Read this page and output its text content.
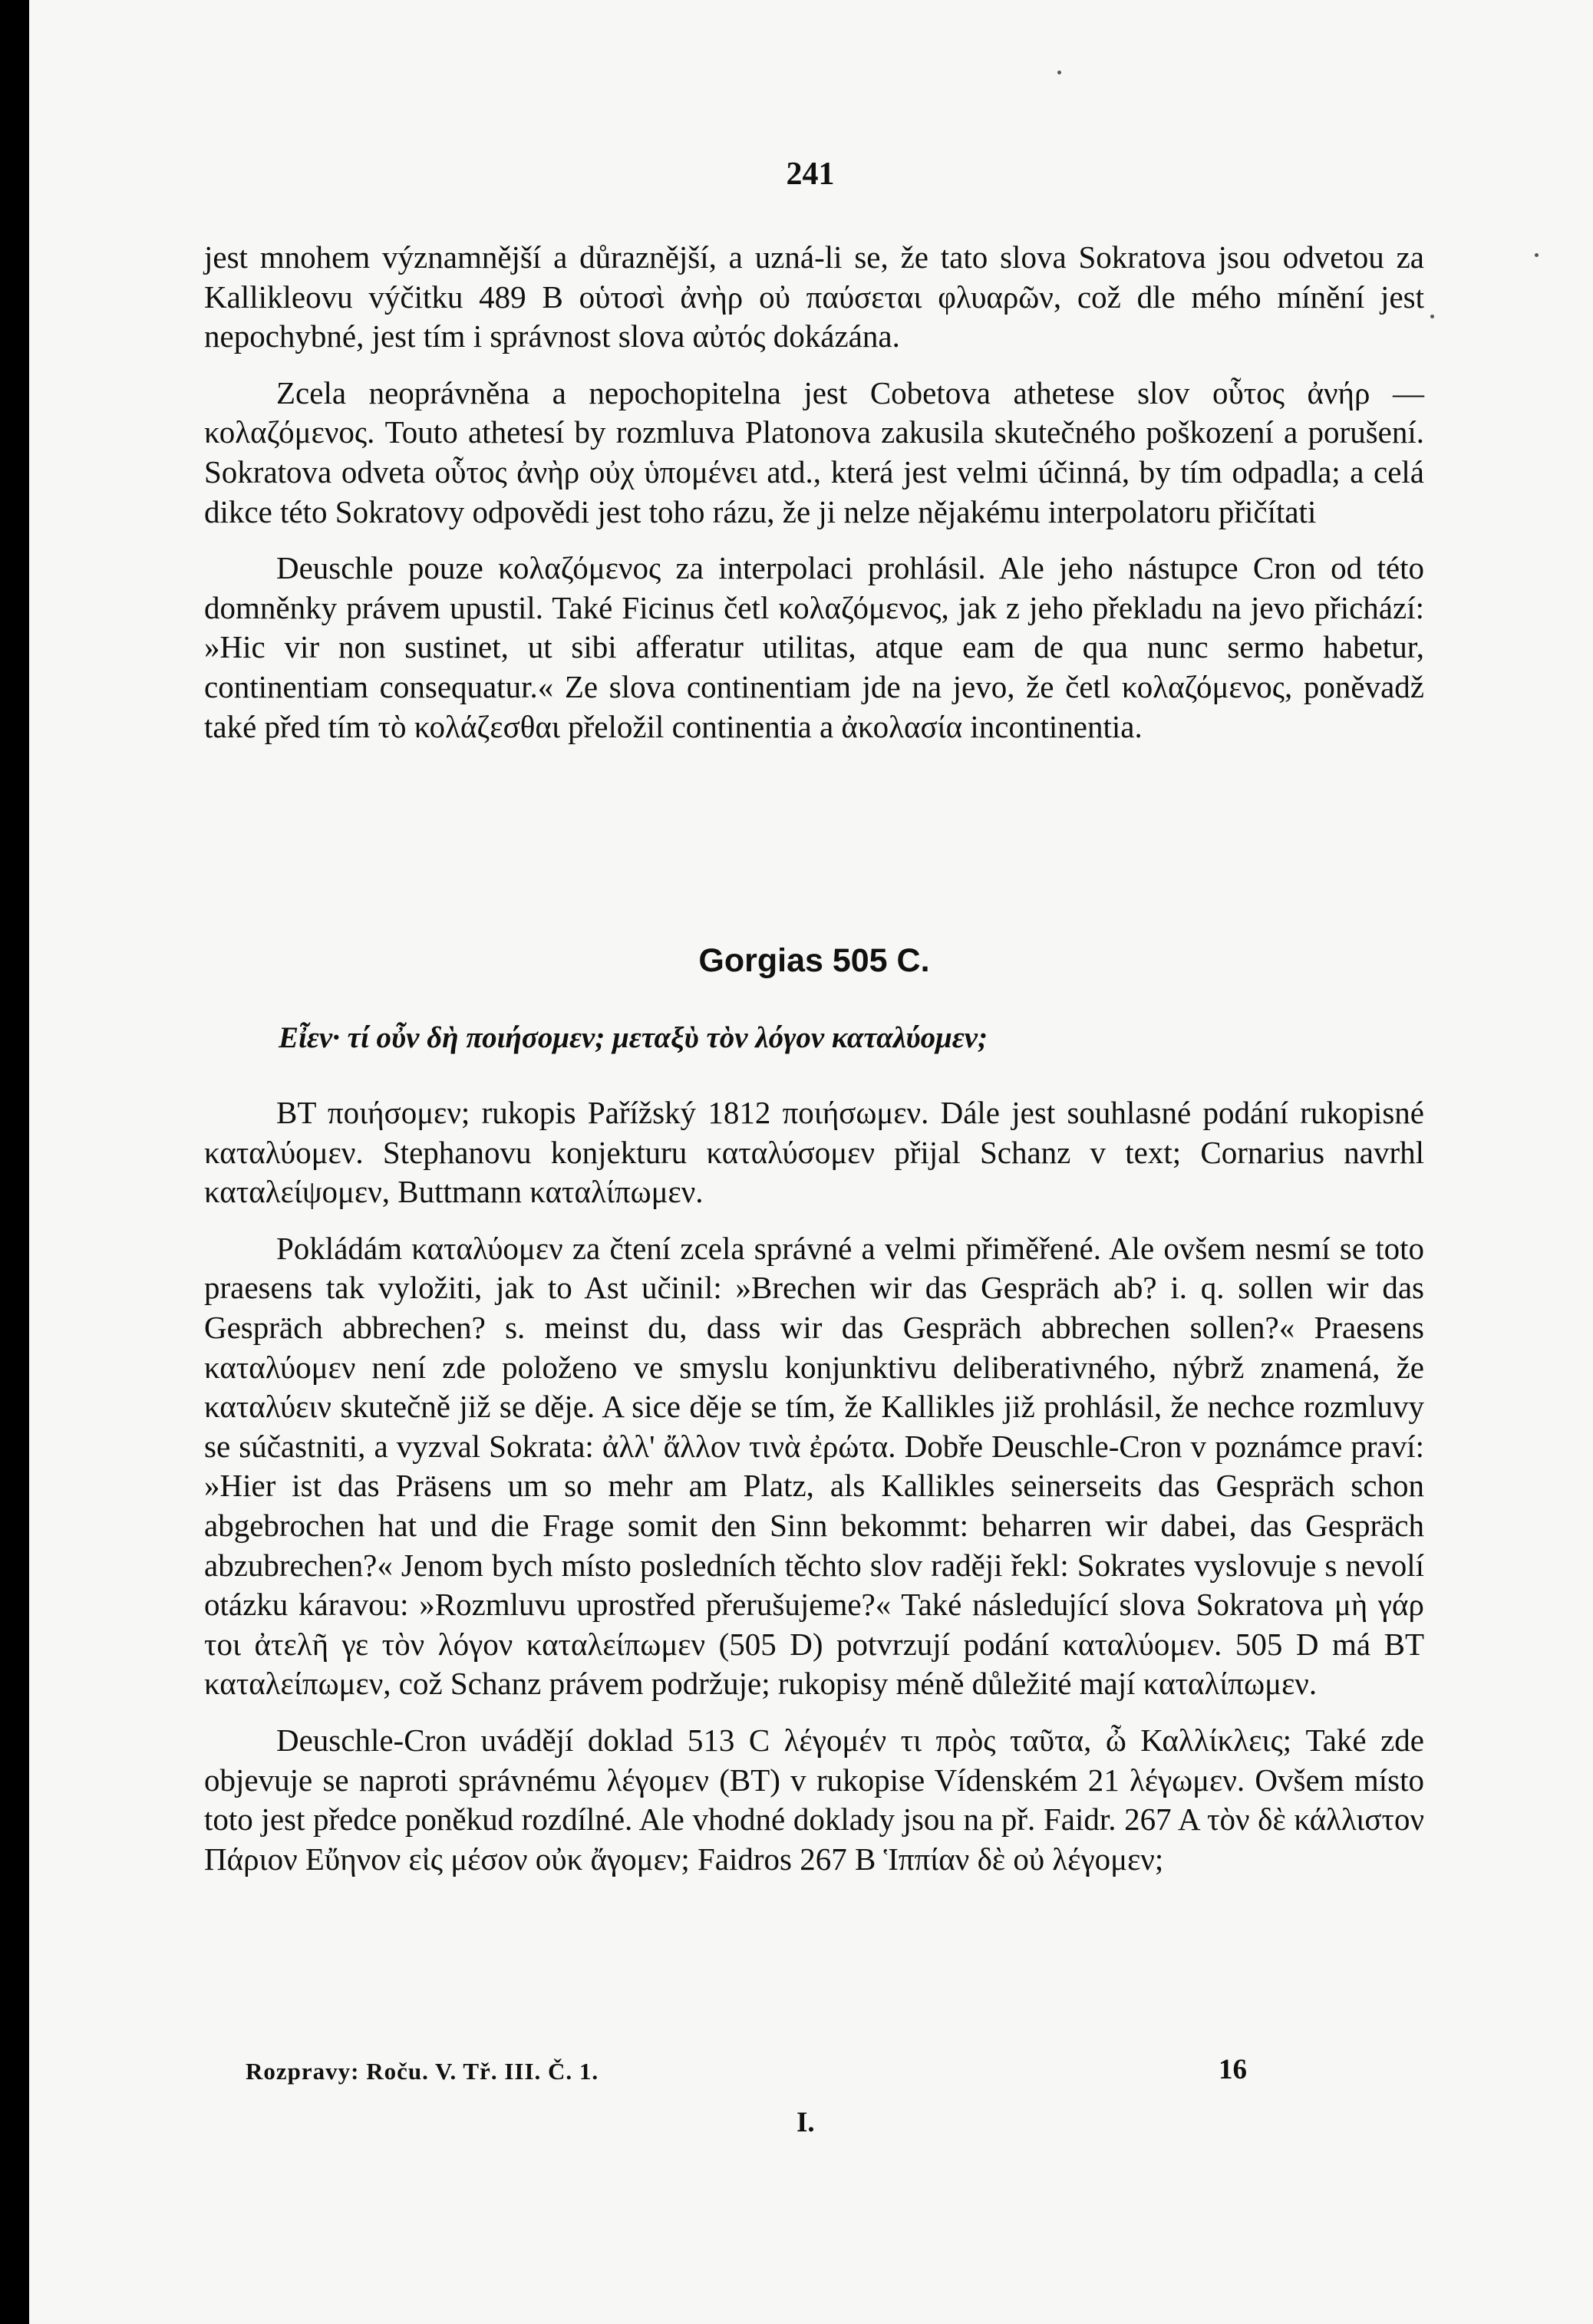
241

jest mnohem významnější a důraznější, a uzná-li se, že tato slova Sokratova jsou odvetou za Kallikleovu výčitku 489 B οὑτοσὶ ἀνὴρ οὐ παύσεται φλυαρῶν, což dle mého mínění jest nepochybné, jest tím i správnost slova αὐτός dokázána.

Zcela neoprávněna a nepochopitelna jest Cobetova athetese slov οὗτος ἀνήρ — κολαζόμενος. Touto athetesí by rozmluva Platonova zakusila skutečného poškození a porušení. Sokratova odveta οὗτος ἀνὴρ οὐχ ὑπομένει atd., která jest velmi účinná, by tím odpadla; a celá dikce této Sokratovy odpovědi jest toho rázu, že ji nelze nějakému interpolatoru přičítati

Deuschle pouze κολαζόμενος za interpolaci prohlásil. Ale jeho nástupce Cron od této domněnky právem upustil. Také Ficinus četl κολαζόμενος, jak z jeho překladu na jevo přichází: »Hic vir non sustinet, ut sibi afferatur utilitas, atque eam de qua nunc sermo habetur, continentiam consequatur.« Ze slova continentiam jde na jevo, že četl κολαζόμενος, poněvadž také před tím τὸ κολάζεσθαι přeložil continentia a ἀκολασία incontinentia.

Gorgias 505 C.
Εἶεν· τί οὖν δὴ ποιήσομεν; μεταξὺ τὸν λόγον καταλύομεν;

BT ποιήσομεν; rukopis Pařížský 1812 ποιήσωμεν. Dále jest souhlasné podání rukopisné καταλύομεν. Stephanovu konjekturu καταλύσομεν přijal Schanz v text; Cornarius navrhl καταλείψομεν, Buttmann καταλίπωμεν.

Pokládám καταλύομεν za čtení zcela správné a velmi přiměřené. Ale ovšem nesmí se toto praesens tak vyložiti, jak to Ast učinil: »Brechen wir das Gespräch ab? i. q. sollen wir das Gespräch abbrechen? s. meinst du, dass wir das Gespräch abbrechen sollen?« Praesens καταλύομεν není zde položeno ve smyslu konjunktivu deliberativného, nýbrž znamená, že καταλύειν skutečně již se děje. A sice děje se tím, že Kallikles již prohlásil, že nechce rozmluvy se súčastniti, a vyzval Sokrata: ἀλλ' ἄλλον τινὰ ἐρώτα. Dobře Deuschle-Cron v poznámce praví: »Hier ist das Präsens um so mehr am Platz, als Kallikles seinerseits das Gespräch schon abgebrochen hat und die Frage somit den Sinn bekommt: beharren wir dabei, das Gespräch abzubrechen?« Jenom bych místo posledních těchto slov raději řekl: Sokrates vyslovuje s nevolí otázku káravou: »Rozmluvu uprostřed přerušujeme?« Také následující slova Sokratova μὴ γάρ τοι ἀτελῆ γε τὸν λόγον καταλείπωμεν (505 D) potvrzují podání καταλύομεν. 505 D má BT καταλείπωμεν, což Schanz právem podržuje; rukopisy méně důležité mají καταλίπωμεν.

Deuschle-Cron uvádějí doklad 513 C λέγομέν τι πρὸς ταῦτα, ὦ Καλλίκλεις; Také zde objevuje se naproti správnému λέγομεν (BT) v rukopise Vídenském 21 λέγωμεν. Ovšem místo toto jest předce poněkud rozdílné. Ale vhodné doklady jsou na př. Faidr. 267 A τὸν δὲ κάλλιστον Πάριον Εὔηνον εἰς μέσον οὐκ ἄγομεν; Faidros 267 B Ἱππίαν δὲ οὐ λέγομεν;

Rozpravy: Roču. V. Tř. III. Č. 1.	16
I.
